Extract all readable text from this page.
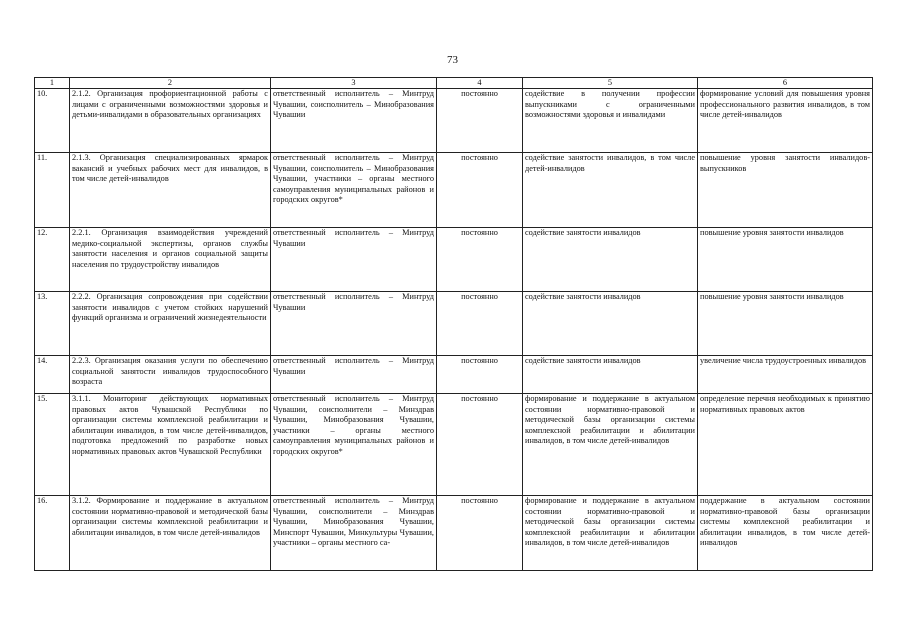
73
1	2	3	4	5	6
10.	2.1.2. Организация профориентационной работы с лицами с ограниченными возможностями здоровья и детьми-инвалидами в образовательных организациях	ответственный исполнитель – Минтруд Чувашии, соисполнитель – Минобразования Чувашии	постоянно	содействие в получении профессии выпускниками с ограниченными возможностями здоровья и инвалидами	формирование условий для повышения уровня профессионального развития инвалидов, в том числе детей-инвалидов
11.	2.1.3. Организация специализированных ярмарок вакансий и учебных рабочих мест для инвалидов, в том числе детей-инвалидов	ответственный исполнитель – Минтруд Чувашии, соисполнитель – Минобразования Чувашии, участники – органы местного самоуправления муниципальных районов и городских округов*	постоянно	содействие занятости инвалидов, в том числе детей-инвалидов	повышение уровня занятости инвалидов-выпускников
12.	2.2.1. Организация взаимодействия учреждений медико-социальной экспертизы, органов службы занятости населения и органов социальной защиты населения по трудоустройству инвалидов	ответственный исполнитель – Минтруд Чувашии	постоянно	содействие занятости инвалидов	повышение уровня занятости инвалидов
13.	2.2.2. Организация сопровождения при содействии занятости инвалидов с учетом стойких нарушений функций организма и ограничений жизнедеятельности	ответственный исполнитель – Минтруд Чувашии	постоянно	содействие занятости инвалидов	повышение уровня занятости инвалидов
14.	2.2.3. Организация оказания услуги по обеспечению социальной занятости инвалидов трудоспособного возраста	ответственный исполнитель – Минтруд Чувашии	постоянно	содействие занятости инвалидов	увеличение числа трудоустроенных инвалидов
15.	3.1.1. Мониторинг действующих нормативных правовых актов Чувашской Республики по организации системы комплексной реабилитации и абилитации инвалидов, в том числе детей-инвалидов, подготовка предложений по разработке новых нормативных правовых актов Чувашской Республики	ответственный исполнитель – Минтруд Чувашии, соисполнители – Минздрав Чувашии, Минобразования Чувашии, участники – органы местного самоуправления муниципальных районов и городских округов*	постоянно	формирование и поддержание в актуальном состоянии нормативно-правовой и методической базы организации системы комплексной реабилитации и абилитации инвалидов, в том числе детей-инвалидов	определение перечня необходимых к принятию нормативных правовых актов
16.	3.1.2. Формирование и поддержание в актуальном состоянии нормативно-правовой и методической базы организации системы комплексной реабилитации и абилитации инвалидов, в том числе детей-инвалидов	ответственный исполнитель – Минтруд Чувашии, соисполнители – Минздрав Чувашии, Минобразования Чувашии, Минспорт Чувашии, Минкультуры Чувашии, участники – органы местного са-	постоянно	формирование и поддержание в актуальном состоянии нормативно-правовой и методической базы организации системы комплексной реабилитации и абилитации инвалидов, в том числе детей-инвалидов	поддержание в актуальном состоянии нормативно-правовой базы организации системы комплексной реабилитации и абилитации инвалидов, в том числе детей-инвалидов
